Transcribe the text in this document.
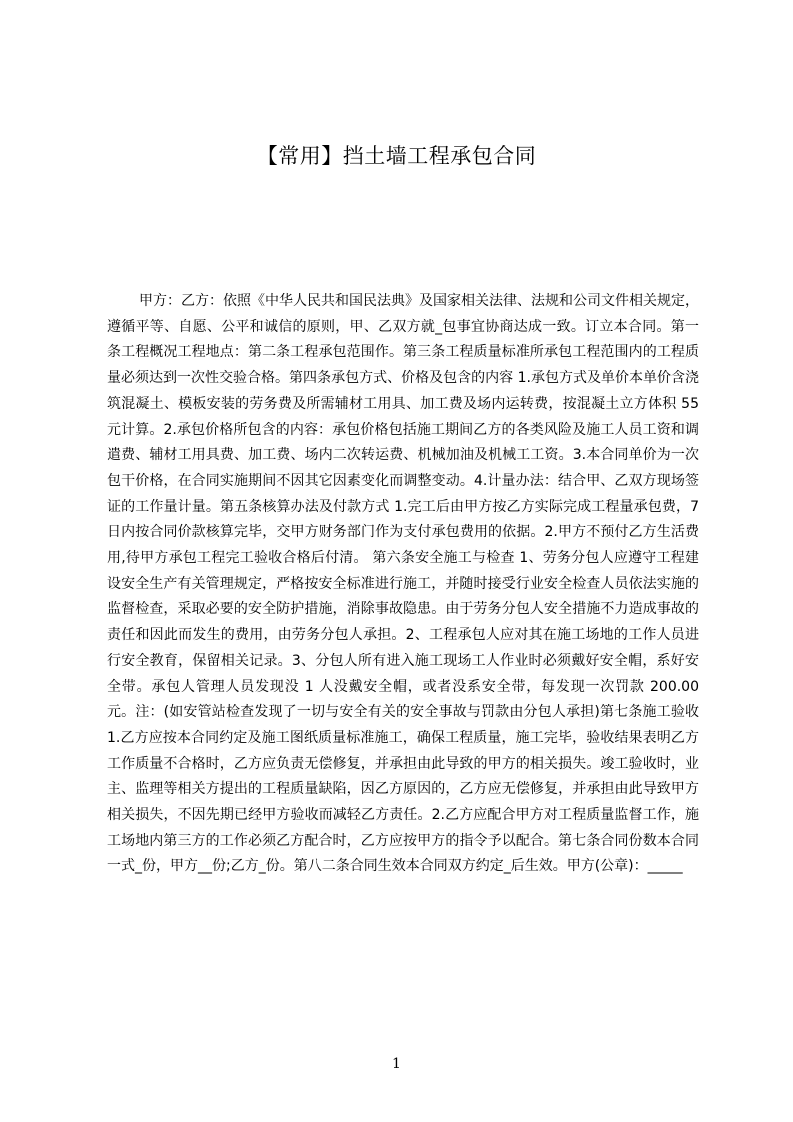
【常用】挡土墙工程承包合同

甲方：乙方：依照《中华人民共和国民法典》及国家相关法律、法规和公司文件相关规定，遵循平等、自愿、公平和诚信的原则，甲、乙双方就_包事宜协商达成一致。订立本合同。第一条工程概况工程地点：第二条工程承包范围作。第三条工程质量标准所承包工程范围内的工程质量必须达到一次性交验合格。第四条承包方式、价格及包含的内容 1.承包方式及单价本单价含浇筑混凝土、模板安装的劳务费及所需辅材工用具、加工费及场内运转费，按混凝土立方体积 55 元计算。2.承包价格所包含的内容：承包价格包括施工期间乙方的各类风险及施工人员工资和调遣费、辅材工用具费、加工费、场内二次转运费、机械加油及机械工工资。3.本合同单价为一次包干价格，在合同实施期间不因其它因素变化而调整变动。4.计量办法：结合甲、乙双方现场签证的工作量计量。第五条核算办法及付款方式 1.完工后由甲方按乙方实际完成工程量承包费，7 日内按合同价款核算完毕，交甲方财务部门作为支付承包费用的依据。2.甲方不预付乙方生活费用,待甲方承包工程完工验收合格后付清。 第六条安全施工与检查 1、劳务分包人应遵守工程建设安全生产有关管理规定，严格按安全标准进行施工，并随时接受行业安全检查人员依法实施的监督检查，采取必要的安全防护措施，消除事故隐患。由于劳务分包人安全措施不力造成事故的责任和因此而发生的费用，由劳务分包人承担。2、工程承包人应对其在施工场地的工作人员进行安全教育，保留相关记录。3、分包人所有进入施工现场工人作业时必须戴好安全帽，系好安全带。承包人管理人员发现没 1 人没戴安全帽，或者没系安全带，每发现一次罚款 200.00 元。注：(如安管站检查发现了一切与安全有关的安全事故与罚款由分包人承担)第七条施工验收 1.乙方应按本合同约定及施工图纸质量标准施工，确保工程质量，施工完毕，验收结果表明乙方工作质量不合格时，乙方应负责无偿修复，并承担由此导致的甲方的相关损失。竣工验收时，业主、监理等相关方提出的工程质量缺陷，因乙方原因的，乙方应无偿修复，并承担由此导致甲方相关损失，不因先期已经甲方验收而减轻乙方责任。2.乙方应配合甲方对工程质量监督工作，施工场地内第三方的工作必须乙方配合时，乙方应按甲方的指令予以配合。第七条合同份数本合同一式_份，甲方__份;乙方_份。第八二条合同生效本合同双方约定_后生效。甲方(公章)：_____

1
